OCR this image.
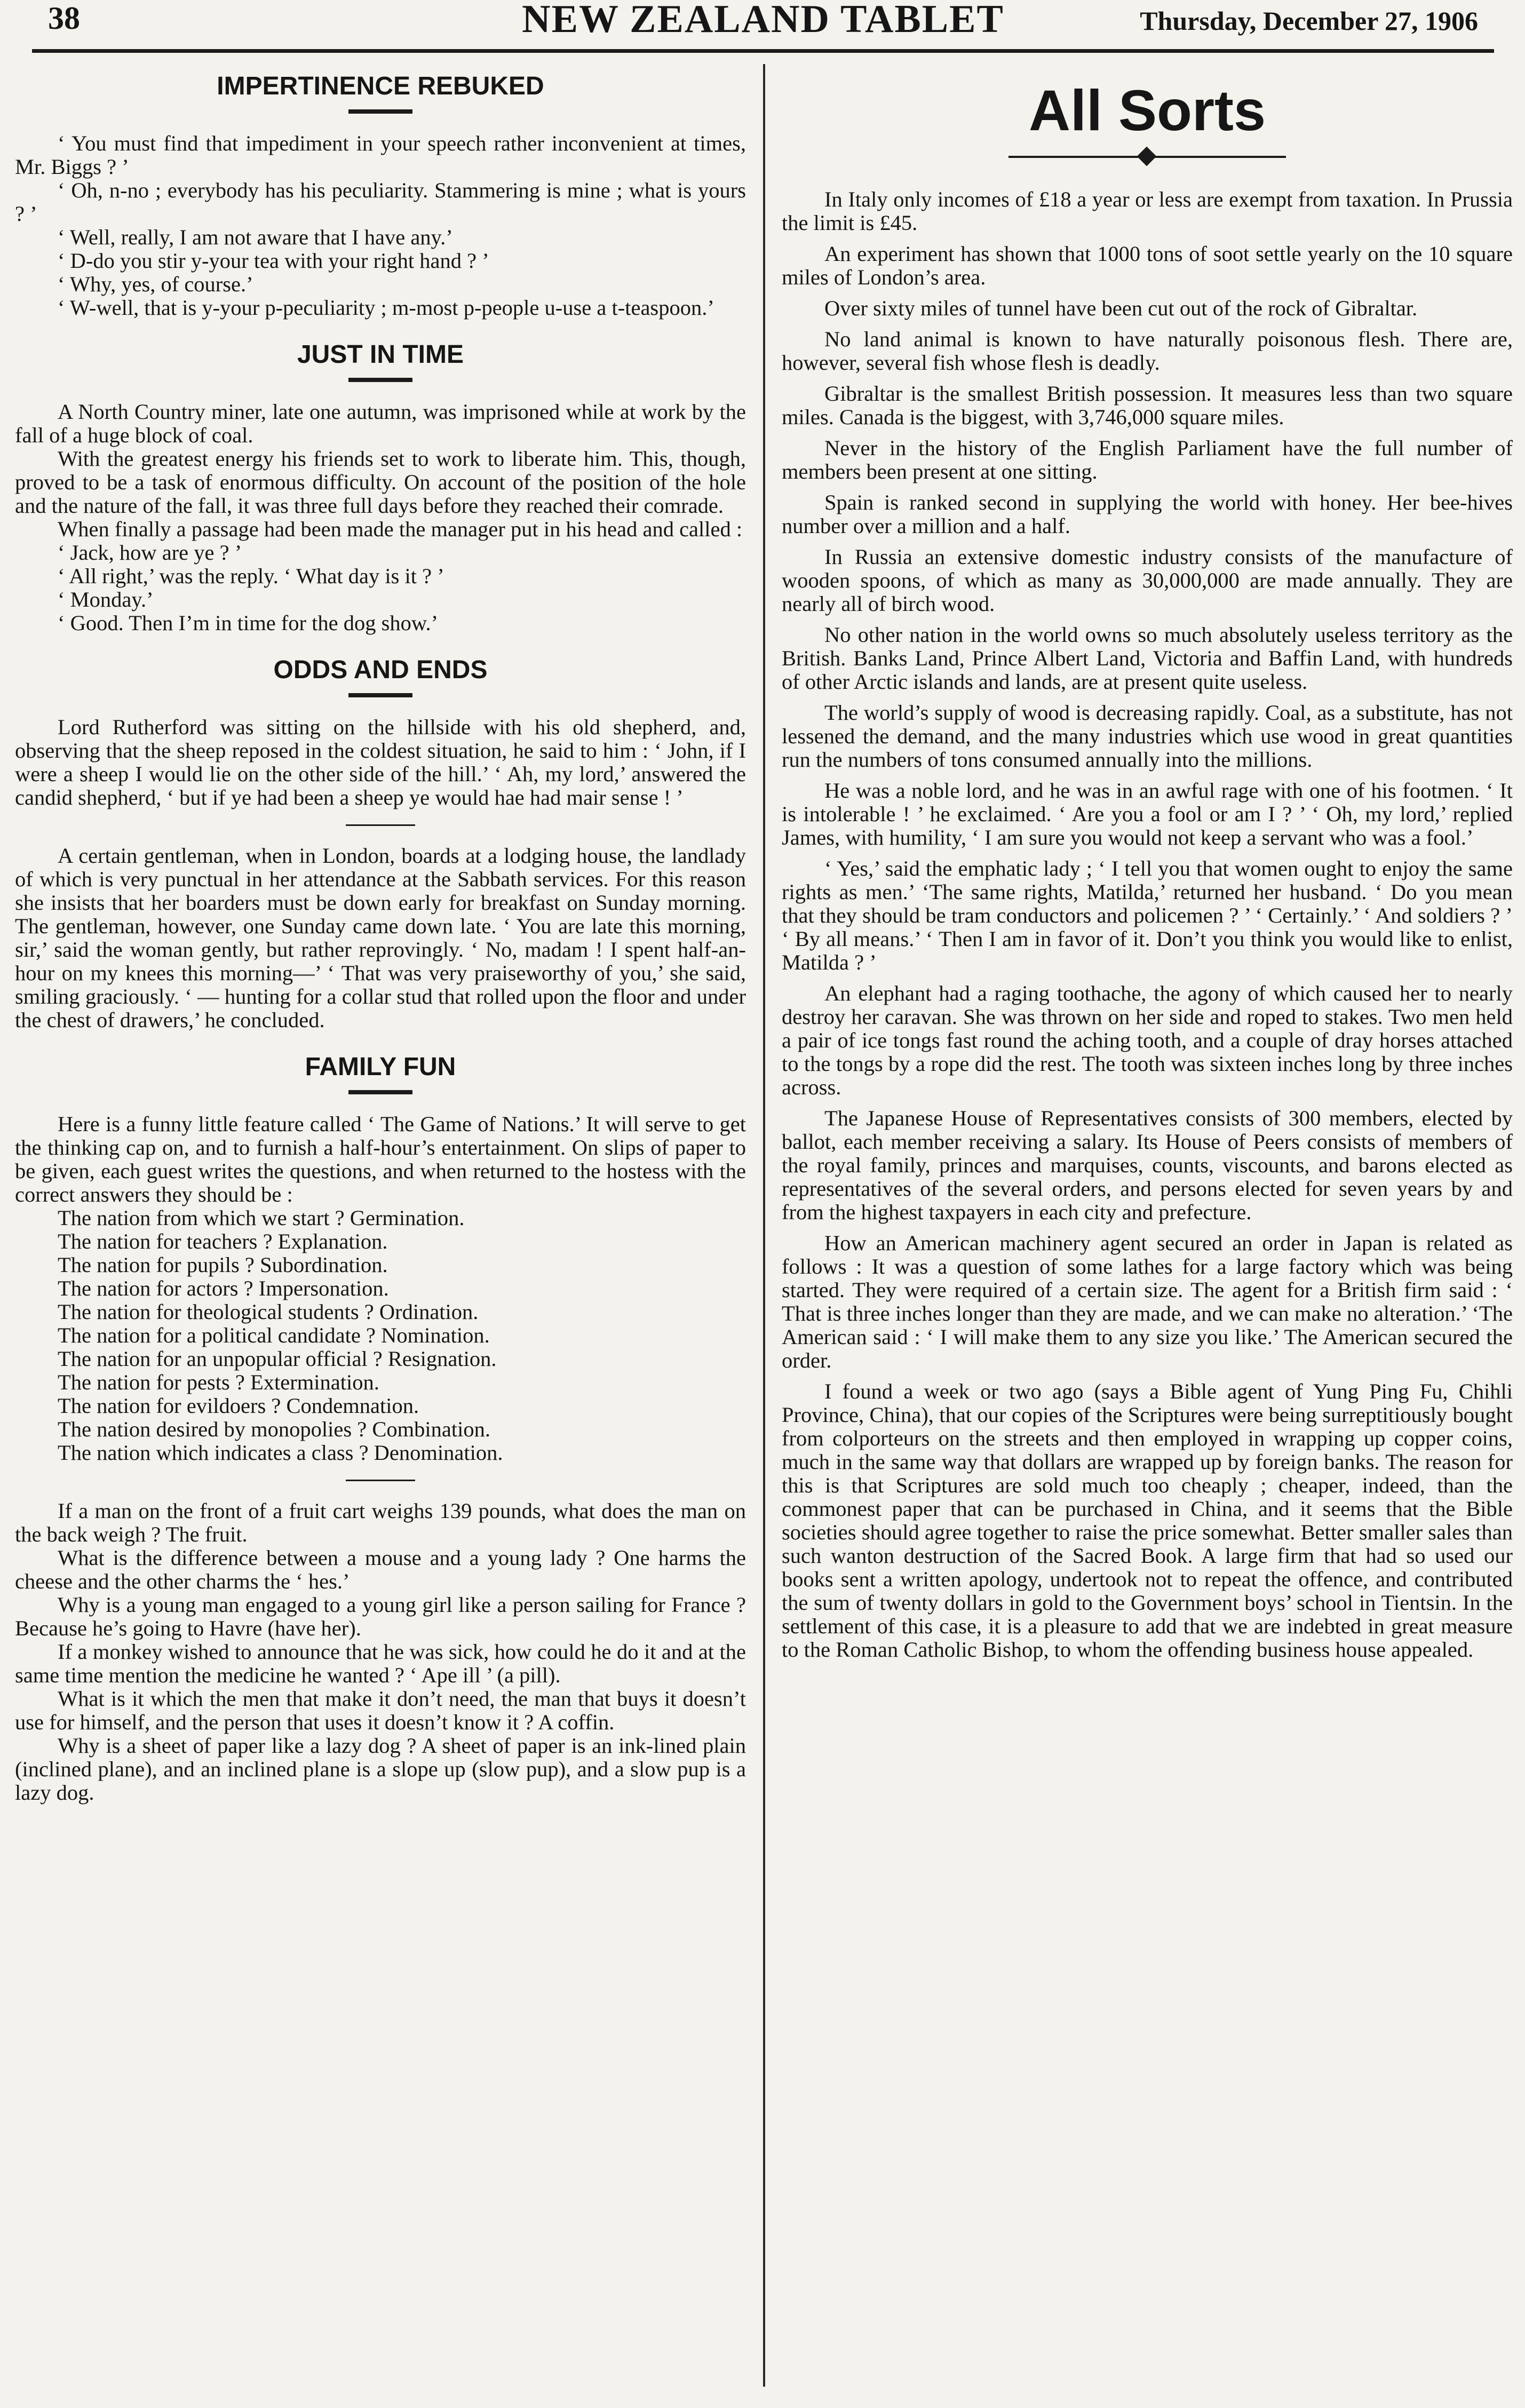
38	NEW ZEALAND TABLET	Thursday, December 27, 1906
IMPERTINENCE REBUKED

‘ You must find that impediment in your speech rather inconvenient at times, Mr. Biggs ? ’

‘ Oh, n-no ; everybody has his peculiarity. Stammering is mine ; what is yours ? ’

‘ Well, really, I am not aware that I have any.’

‘ D-do you stir y-your tea with your right hand ? ’

‘ Why, yes, of course.’

‘ W-well, that is y-your p-peculiarity ; m-most p-people u-use a t-teaspoon.’

JUST IN TIME

A North Country miner, late one autumn, was imprisoned while at work by the fall of a huge block of coal.

With the greatest energy his friends set to work to liberate him. This, though, proved to be a task of enormous difficulty. On account of the position of the hole and the nature of the fall, it was three full days before they reached their comrade.

When finally a passage had been made the manager put in his head and called :

‘ Jack, how are ye ? ’

‘ All right,’ was the reply. ‘ What day is it ? ’

‘ Monday.’

‘ Good. Then I’m in time for the dog show.’

ODDS AND ENDS

Lord Rutherford was sitting on the hillside with his old shepherd, and, observing that the sheep reposed in the coldest situation, he said to him : ‘ John, if I were a sheep I would lie on the other side of the hill.’ ‘ Ah, my lord,’ answered the candid shepherd, ‘ but if ye had been a sheep ye would hae had mair sense ! ’

A certain gentleman, when in London, boards at a lodging house, the landlady of which is very punctual in her attendance at the Sabbath services. For this reason she insists that her boarders must be down early for breakfast on Sunday morning. The gentleman, however, one Sunday came down late. ‘ You are late this morning, sir,’ said the woman gently, but rather reprovingly. ‘ No, madam ! I spent half-an-hour on my knees this morning—’ ‘ That was very praiseworthy of you,’ she said, smiling graciously. ‘ — hunting for a collar stud that rolled upon the floor and under the chest of drawers,’ he concluded.

FAMILY FUN

Here is a funny little feature called ‘ The Game of Nations.’ It will serve to get the thinking cap on, and to furnish a half-hour’s entertainment. On slips of paper to be given, each guest writes the questions, and when returned to the hostess with the correct answers they should be :

The nation from which we start ? Germination.
The nation for teachers ? Explanation.
The nation for pupils ? Subordination.
The nation for actors ? Impersonation.
The nation for theological students ? Ordination.
The nation for a political candidate ? Nomination.
The nation for an unpopular official ? Resignation.
The nation for pests ? Extermination.
The nation for evildoers ? Condemnation.
The nation desired by monopolies ? Combination.
The nation which indicates a class ? Denomination.

If a man on the front of a fruit cart weighs 139 pounds, what does the man on the back weigh ? The fruit.

What is the difference between a mouse and a young lady ? One harms the cheese and the other charms the ‘ hes.’

Why is a young man engaged to a young girl like a person sailing for France ? Because he’s going to Havre (have her).

If a monkey wished to announce that he was sick, how could he do it and at the same time mention the medicine he wanted ? ‘ Ape ill ’ (a pill).

What is it which the men that make it don’t need, the man that buys it doesn’t use for himself, and the person that uses it doesn’t know it ? A coffin.

Why is a sheet of paper like a lazy dog ? A sheet of paper is an ink-lined plain (inclined plane), and an inclined plane is a slope up (slow pup), and a slow pup is a lazy dog.

All Sorts

In Italy only incomes of £18 a year or less are exempt from taxation. In Prussia the limit is £45.

An experiment has shown that 1000 tons of soot settle yearly on the 10 square miles of London’s area.

Over sixty miles of tunnel have been cut out of the rock of Gibraltar.

No land animal is known to have naturally poisonous flesh. There are, however, several fish whose flesh is deadly.

Gibraltar is the smallest British possession. It measures less than two square miles. Canada is the biggest, with 3,746,000 square miles.

Never in the history of the English Parliament have the full number of members been present at one sitting.

Spain is ranked second in supplying the world with honey. Her bee-hives number over a million and a half.

In Russia an extensive domestic industry consists of the manufacture of wooden spoons, of which as many as 30,000,000 are made annually. They are nearly all of birch wood.

No other nation in the world owns so much absolutely useless territory as the British. Banks Land, Prince Albert Land, Victoria and Baffin Land, with hundreds of other Arctic islands and lands, are at present quite useless.

The world’s supply of wood is decreasing rapidly. Coal, as a substitute, has not lessened the demand, and the many industries which use wood in great quantities run the numbers of tons consumed annually into the millions.

He was a noble lord, and he was in an awful rage with one of his footmen. ‘ It is intolerable ! ’ he exclaimed. ‘ Are you a fool or am I ? ’ ‘ Oh, my lord,’ replied James, with humility, ‘ I am sure you would not keep a servant who was a fool.’

‘ Yes,’ said the emphatic lady ; ‘ I tell you that women ought to enjoy the same rights as men.’ ‘The same rights, Matilda,’ returned her husband. ‘ Do you mean that they should be tram conductors and policemen ? ’ ‘ Certainly.’ ‘ And soldiers ? ’ ‘ By all means.’ ‘ Then I am in favor of it. Don’t you think you would like to enlist, Matilda ? ’

An elephant had a raging toothache, the agony of which caused her to nearly destroy her caravan. She was thrown on her side and roped to stakes. Two men held a pair of ice tongs fast round the aching tooth, and a couple of dray horses attached to the tongs by a rope did the rest. The tooth was sixteen inches long by three inches across.

The Japanese House of Representatives consists of 300 members, elected by ballot, each member receiving a salary. Its House of Peers consists of members of the royal family, princes and marquises, counts, viscounts, and barons elected as representatives of the several orders, and persons elected for seven years by and from the highest taxpayers in each city and prefecture.

How an American machinery agent secured an order in Japan is related as follows : It was a question of some lathes for a large factory which was being started. They were required of a certain size. The agent for a British firm said : ‘ That is three inches longer than they are made, and we can make no alteration.’ ‘The American said : ‘ I will make them to any size you like.’ The American secured the order.

I found a week or two ago (says a Bible agent of Yung Ping Fu, Chihli Province, China), that our copies of the Scriptures were being surreptitiously bought from colporteurs on the streets and then employed in wrapping up copper coins, much in the same way that dollars are wrapped up by foreign banks. The reason for this is that Scriptures are sold much too cheaply ; cheaper, indeed, than the commonest paper that can be purchased in China, and it seems that the Bible societies should agree together to raise the price somewhat. Better smaller sales than such wanton destruction of the Sacred Book. A large firm that had so used our books sent a written apology, undertook not to repeat the offence, and contributed the sum of twenty dollars in gold to the Government boys’ school in Tientsin. In the settlement of this case, it is a pleasure to add that we are indebted in great measure to the Roman Catholic Bishop, to whom the offending business house appealed.
